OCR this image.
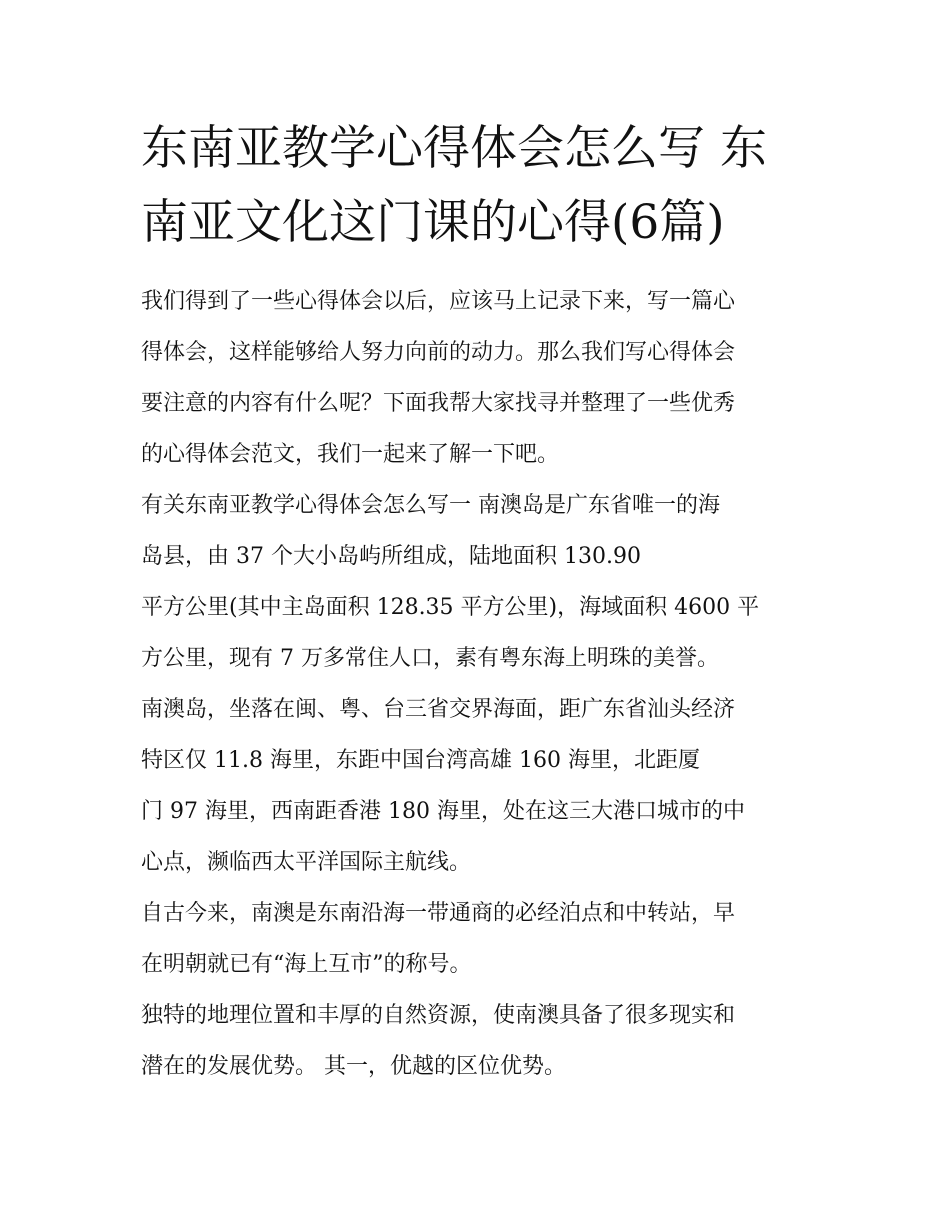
东南亚教学心得体会怎么写 东
南亚文化这门课的心得(6篇)
我们得到了一些心得体会以后，应该马上记录下来，写一篇心
得体会，这样能够给人努力向前的动力。那么我们写心得体会
要注意的内容有什么呢？下面我帮大家找寻并整理了一些优秀
的心得体会范文，我们一起来了解一下吧。
有关东南亚教学心得体会怎么写一 南澳岛是广东省唯一的海
岛县，由 37 个大小岛屿所组成，陆地面积 130.90
平方公里(其中主岛面积 128.35 平方公里)，海域面积 4600 平
方公里，现有 7 万多常住人口，素有粤东海上明珠的美誉。
南澳岛，坐落在闽、粤、台三省交界海面，距广东省汕头经济
特区仅 11.8 海里，东距中国台湾高雄 160 海里，北距厦
门 97 海里，西南距香港 180 海里，处在这三大港口城市的中
心点，濒临西太平洋国际主航线。
自古今来，南澳是东南沿海一带通商的必经泊点和中转站，早
在明朝就已有“海上互市”的称号。
独特的地理位置和丰厚的自然资源，使南澳具备了很多现实和
潜在的发展优势。 其一，优越的区位优势。
